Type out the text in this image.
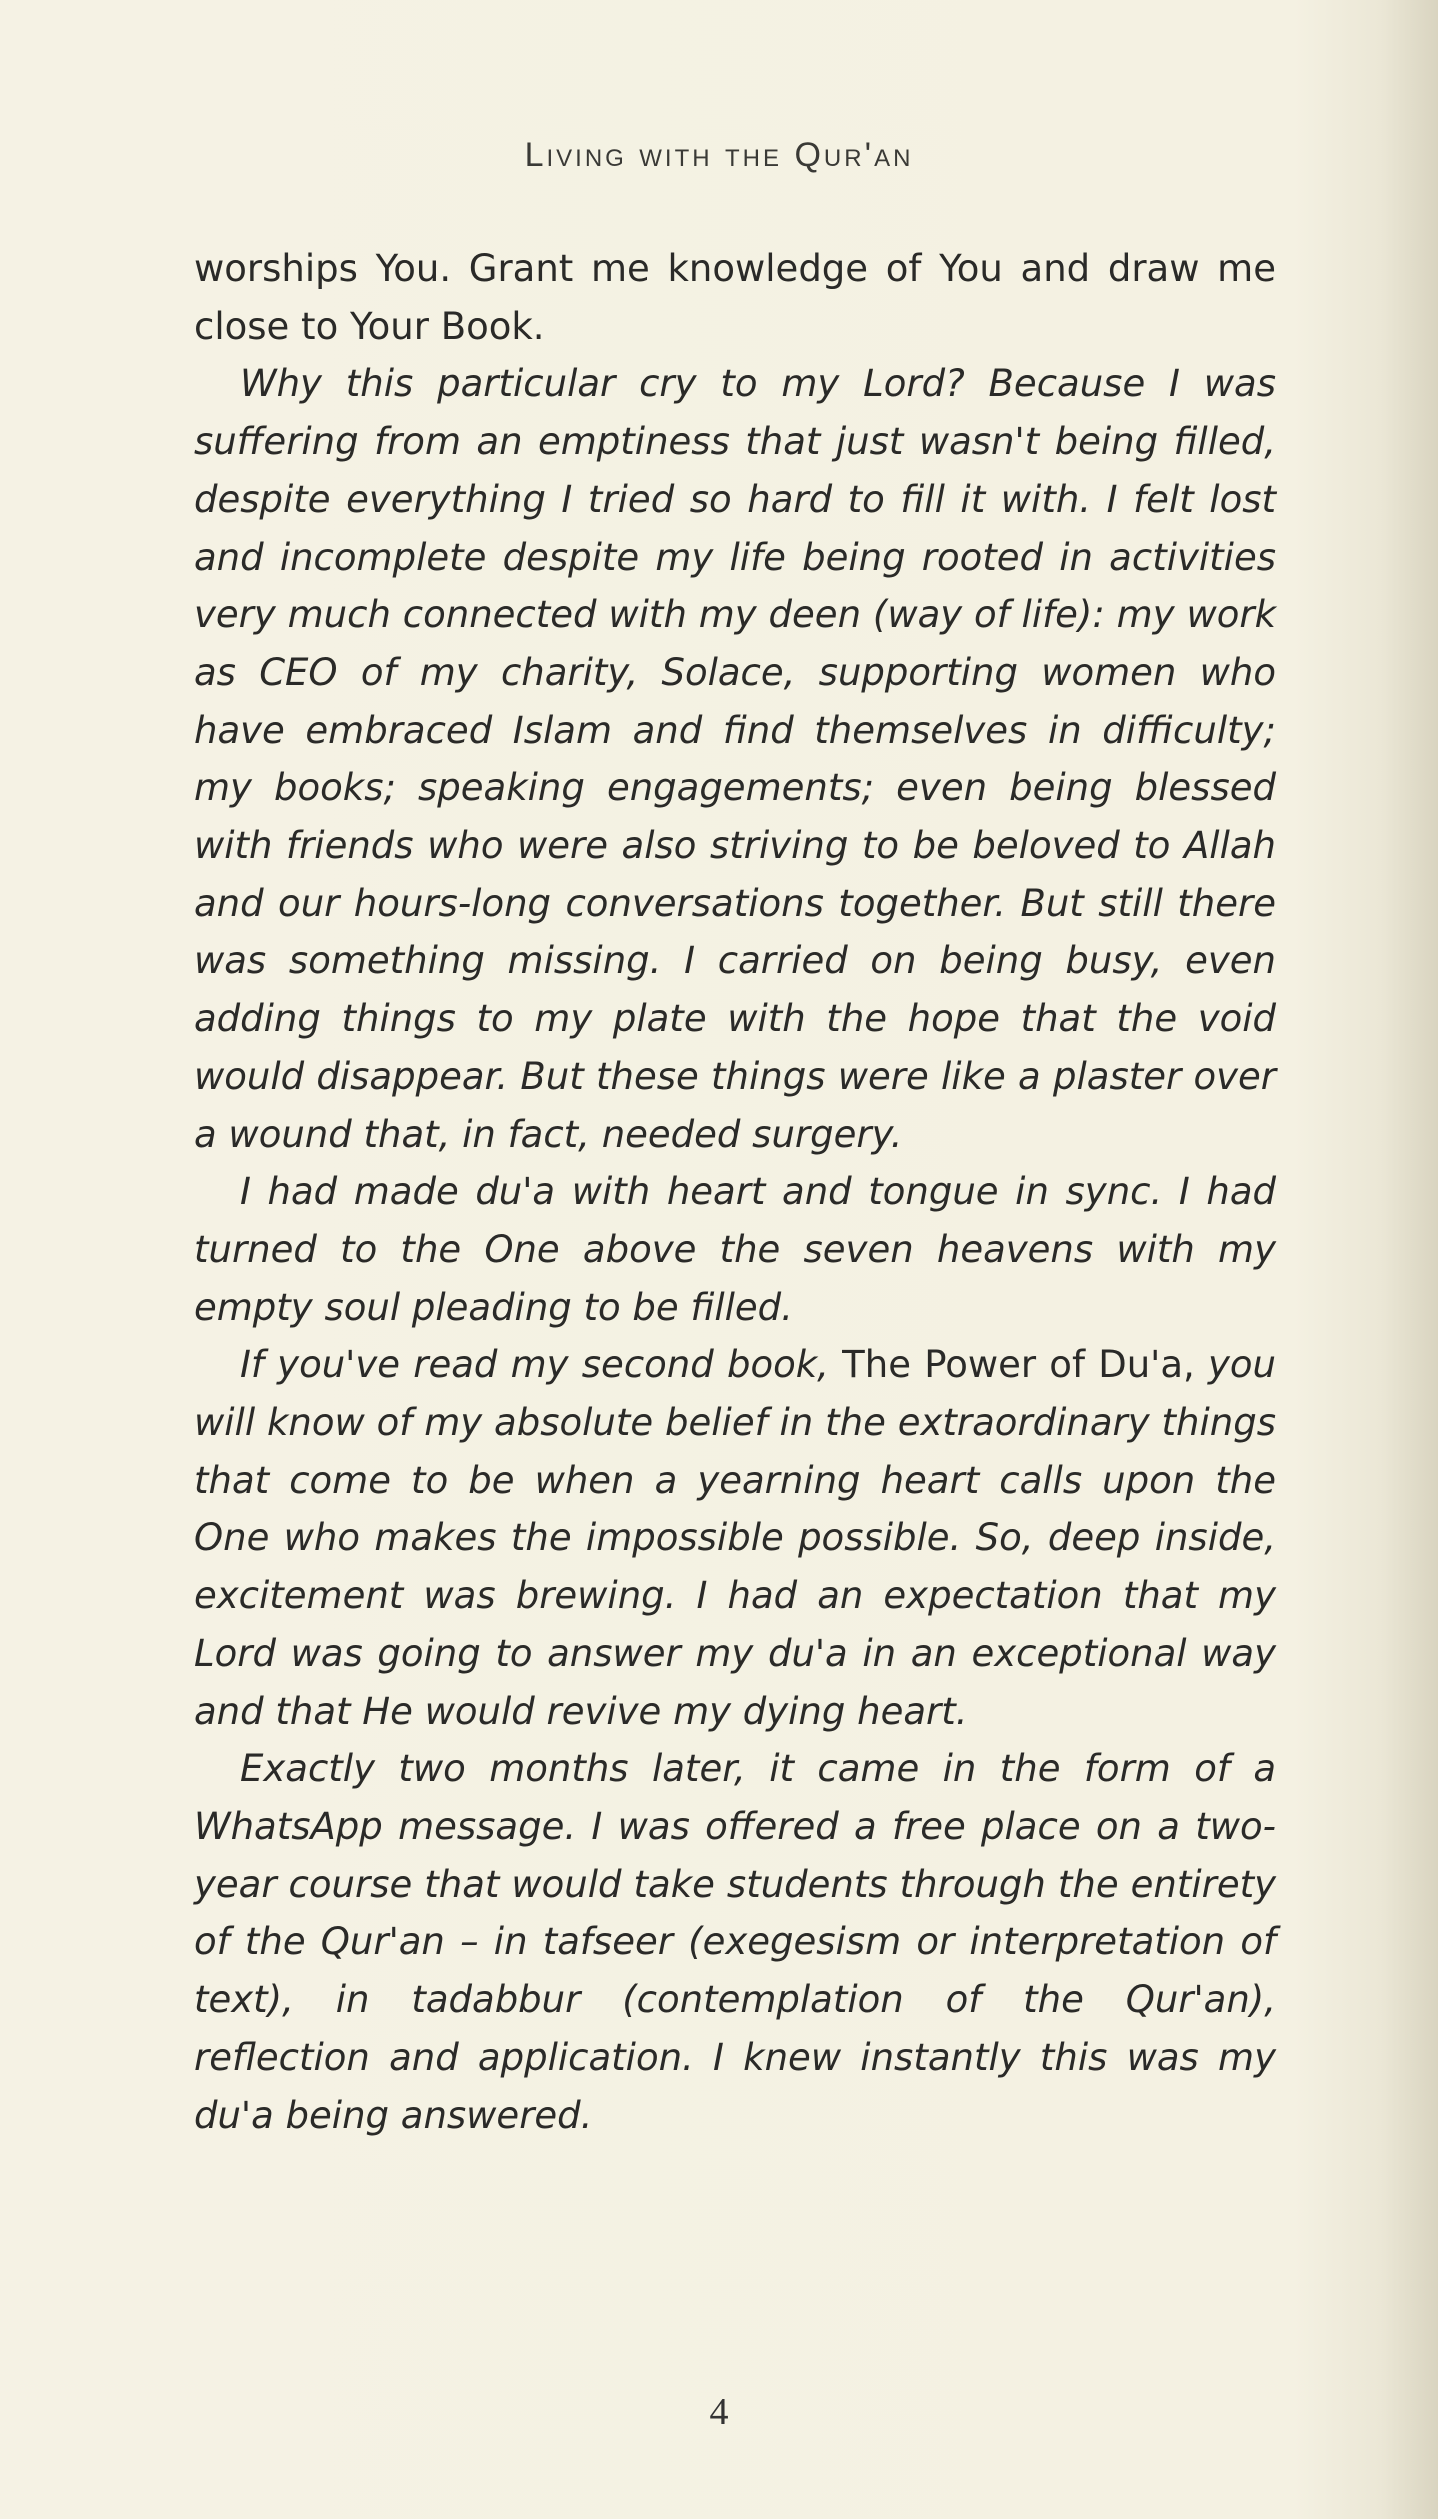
Living with the Qur'an

worships You. Grant me knowledge of You and draw me close to Your Book.

Why this particular cry to my Lord? Because I was suffering from an emptiness that just wasn't being filled, despite everything I tried so hard to fill it with. I felt lost and incomplete despite my life being rooted in activities very much connected with my deen (way of life): my work as CEO of my charity, Solace, supporting women who have embraced Islam and find themselves in difficulty; my books; speaking engagements; even being blessed with friends who were also striving to be beloved to Allah and our hours-long conversations together. But still there was something missing. I carried on being busy, even adding things to my plate with the hope that the void would disappear. But these things were like a plaster over a wound that, in fact, needed surgery.

I had made du'a with heart and tongue in sync. I had turned to the One above the seven heavens with my empty soul pleading to be filled.

If you've read my second book, The Power of Du'a, you will know of my absolute belief in the extraordinary things that come to be when a yearning heart calls upon the One who makes the impossible possible. So, deep inside, excitement was brewing. I had an expectation that my Lord was going to answer my du'a in an exceptional way and that He would revive my dying heart.

Exactly two months later, it came in the form of a WhatsApp message. I was offered a free place on a two-year course that would take students through the entirety of the Qur'an – in tafseer (exegesism or interpretation of text), in tadabbur (contemplation of the Qur'an), reflection and application. I knew instantly this was my du'a being answered.

4
